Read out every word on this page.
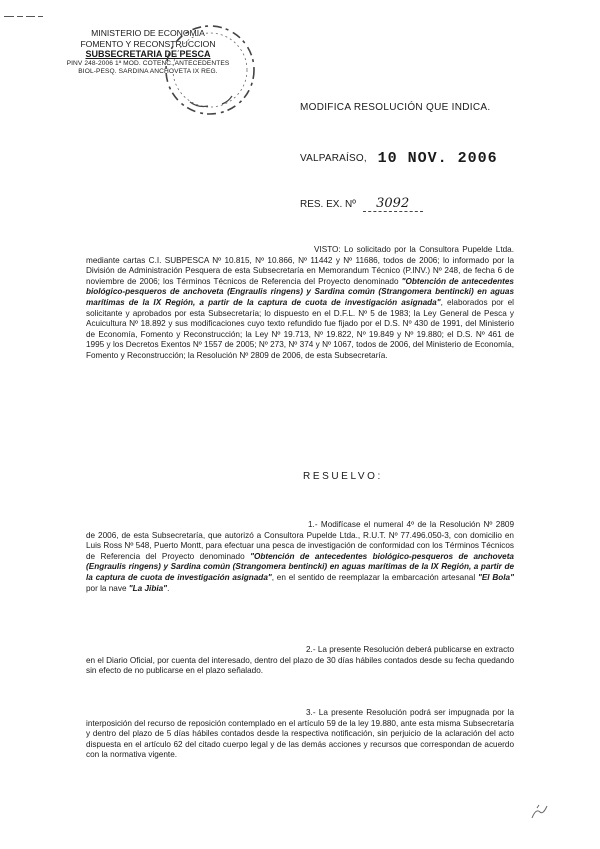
MINISTERIO DE ECONOMIA
FOMENTO Y RECONSTRUCCION
SUBSECRETARIA DE PESCA
PINV 248-2006 1ª MOD. COTENC. ANTECEDENTES
BIOL-PESQ. SARDINA ANCHOVETA IX REG.
MODIFICA RESOLUCIÓN QUE INDICA.
VALPARAÍSO, 10 NOV. 2006
RES. EX. Nº 3092
VISTO: Lo solicitado por la Consultora Pupelde Ltda. mediante cartas C.I. SUBPESCA Nº 10.815, Nº 10.866, Nº 11442 y Nº 11686, todos de 2006; lo informado por la División de Administración Pesquera de esta Subsecretaría en Memorandum Técnico (P.INV.) Nº 248, de fecha 6 de noviembre de 2006; los Términos Técnicos de Referencia del Proyecto denominado "Obtención de antecedentes biológico-pesqueros de anchoveta (Engraulis ringens) y Sardina común (Strangomera bentincki) en aguas marítimas de la IX Región, a partir de la captura de cuota de investigación asignada", elaborados por el solicitante y aprobados por esta Subsecretaría; lo dispuesto en el D.F.L. Nº 5 de 1983; la Ley General de Pesca y Acuicultura Nº 18.892 y sus modificaciones cuyo texto refundido fue fijado por el D.S. Nº 430 de 1991, del Ministerio de Economía, Fomento y Reconstrucción; la Ley Nº 19.713, Nº 19.822, Nº 19.849 y Nº 19.880; el D.S. Nº 461 de 1995 y los Decretos Exentos Nº 1557 de 2005; Nº 273, Nº 374 y Nº 1067, todos de 2006, del Ministerio de Economía, Fomento y Reconstrucción; la Resolución Nº 2809 de 2006, de esta Subsecretaría.
RESUELVO:
1.- Modifícase el numeral 4º de la Resolución Nº 2809 de 2006, de esta Subsecretaría, que autorizó a Consultora Pupelde Ltda., R.U.T. Nº 77.496.050-3, con domicilio en Luis Ross Nº 548, Puerto Montt, para efectuar una pesca de investigación de conformidad con los Términos Técnicos de Referencia del Proyecto denominado "Obtención de antecedentes biológico-pesqueros de anchoveta (Engraulis ringens) y Sardina común (Strangomera bentincki) en aguas marítimas de la IX Región, a partir de la captura de cuota de investigación asignada", en el sentido de reemplazar la embarcación artesanal "El Bola" por la nave "La Jibia".
2.- La presente Resolución deberá publicarse en extracto en el Diario Oficial, por cuenta del interesado, dentro del plazo de 30 días hábiles contados desde su fecha quedando sin efecto de no publicarse en el plazo señalado.
3.- La presente Resolución podrá ser impugnada por la interposición del recurso de reposición contemplado en el artículo 59 de la ley 19.880, ante esta misma Subsecretaría y dentro del plazo de 5 días hábiles contados desde la respectiva notificación, sin perjuicio de la aclaración del acto dispuesta en el artículo 62 del citado cuerpo legal y de las demás acciones y recursos que correspondan de acuerdo con la normativa vigente.
